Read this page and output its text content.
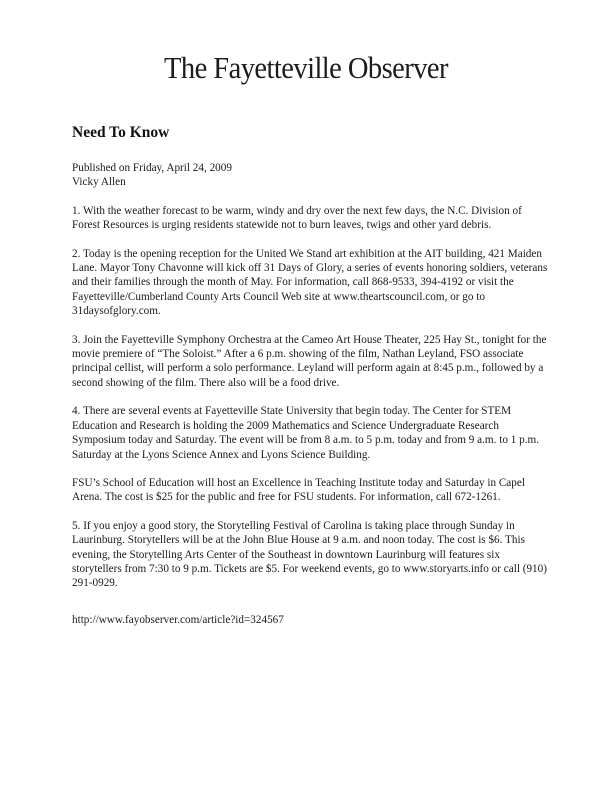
The Fayetteville Observer
Need To Know
Published on Friday, April 24, 2009
Vicky Allen

1. With the weather forecast to be warm, windy and dry over the next few days, the N.C. Division of Forest Resources is urging residents statewide not to burn leaves, twigs and other yard debris.

2. Today is the opening reception for the United We Stand art exhibition at the AIT building, 421 Maiden Lane. Mayor Tony Chavonne will kick off 31 Days of Glory, a series of events honoring soldiers, veterans and their families through the month of May. For information, call 868-9533, 394-4192 or visit the Fayetteville/Cumberland County Arts Council Web site at www.theartscouncil.com, or go to 31daysofglory.com.

3. Join the Fayetteville Symphony Orchestra at the Cameo Art House Theater, 225 Hay St., tonight for the movie premiere of “The Soloist.” After a 6 p.m. showing of the film, Nathan Leyland, FSO associate principal cellist, will perform a solo performance. Leyland will perform again at 8:45 p.m., followed by a second showing of the film. There also will be a food drive.

4. There are several events at Fayetteville State University that begin today. The Center for STEM Education and Research is holding the 2009 Mathematics and Science Undergraduate Research Symposium today and Saturday. The event will be from 8 a.m. to 5 p.m. today and from 9 a.m. to 1 p.m. Saturday at the Lyons Science Annex and Lyons Science Building.

FSU’s School of Education will host an Excellence in Teaching Institute today and Saturday in Capel Arena. The cost is $25 for the public and free for FSU students. For information, call 672-1261.

5. If you enjoy a good story, the Storytelling Festival of Carolina is taking place through Sunday in Laurinburg. Storytellers will be at the John Blue House at 9 a.m. and noon today. The cost is $6. This evening, the Storytelling Arts Center of the Southeast in downtown Laurinburg will features six storytellers from 7:30 to 9 p.m. Tickets are $5. For weekend events, go to www.storyarts.info or call (910) 291-0929.

http://www.fayobserver.com/article?id=324567
